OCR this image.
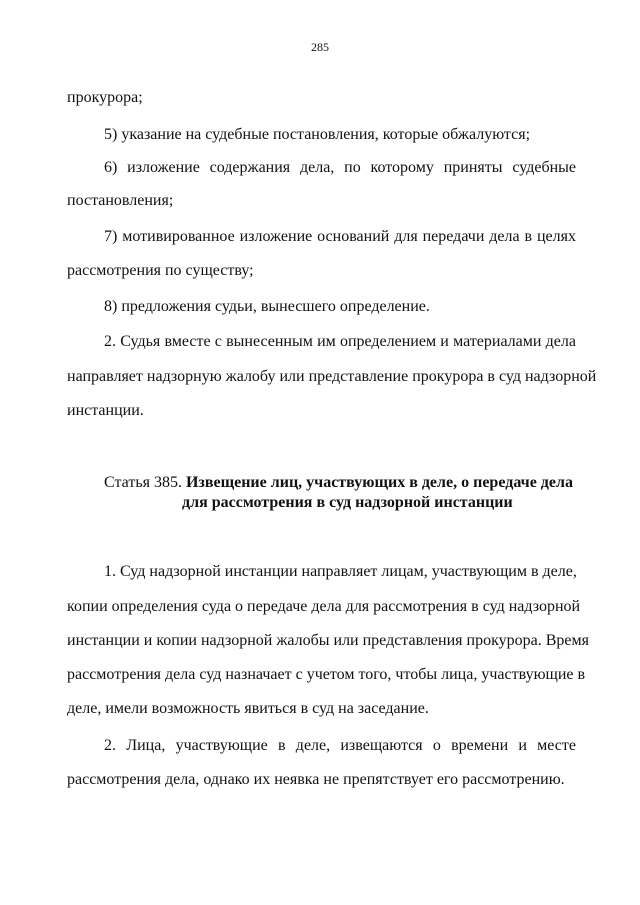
285

прокурора;

5) указание на судебные постановления, которые обжалуются;

6) изложение содержания дела, по которому приняты судебные

постановления;

7) мотивированное изложение оснований для передачи дела в целях

рассмотрения по существу;

8) предложения судьи, вынесшего определение.

2. Судья вместе с вынесенным им определением и материалами дела

направляет надзорную жалобу или представление прокурора в суд надзорной

инстанции.

Статья 385. Извещение лиц, участвующих в деле, о передаче дела

для рассмотрения в суд надзорной инстанции

1. Суд надзорной инстанции направляет лицам, участвующим в деле,

копии определения суда о передаче дела для рассмотрения в суд надзорной

инстанции и копии надзорной жалобы или представления прокурора. Время

рассмотрения дела суд назначает с учетом того, чтобы лица, участвующие в

деле, имели возможность явиться в суд на заседание.

2. Лица, участвующие в деле, извещаются о времени и месте

рассмотрения дела, однако их неявка не препятствует его рассмотрению.
